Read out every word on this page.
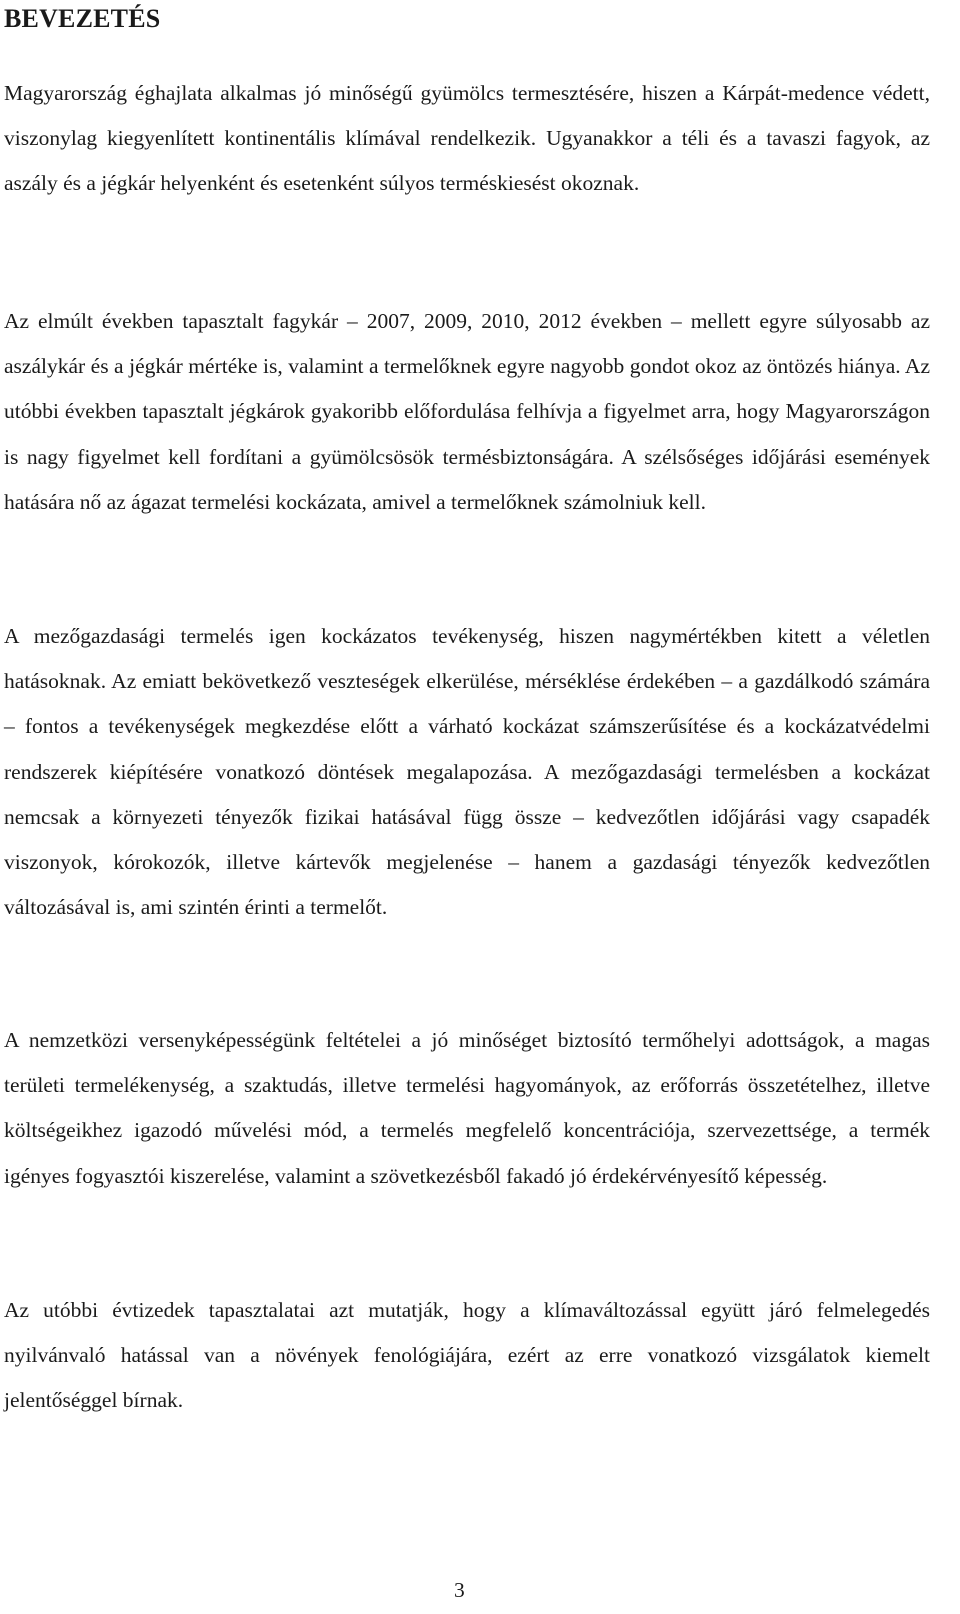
BEVEZETÉS

Magyarország éghajlata alkalmas jó minőségű gyümölcs termesztésére, hiszen a Kárpát-medence védett, viszonylag kiegyenlített kontinentális klímával rendelkezik. Ugyanakkor a téli és a tavaszi fagyok, az aszály és a jégkár helyenként és esetenként súlyos terméskiesést okoznak.

Az elmúlt években tapasztalt fagykár – 2007, 2009, 2010, 2012 években – mellett egyre súlyosabb az aszálykár és a jégkár mértéke is, valamint a termelőknek egyre nagyobb gondot okoz az öntözés hiánya. Az utóbbi években tapasztalt jégkárok gyakoribb előfordulása felhívja a figyelmet arra, hogy Magyarországon is nagy figyelmet kell fordítani a gyümölcsösök termésbiztonságára. A szélsőséges időjárási események hatására nő az ágazat termelési kockázata, amivel a termelőknek számolniuk kell.

A mezőgazdasági termelés igen kockázatos tevékenység, hiszen nagymértékben kitett a véletlen hatásoknak. Az emiatt bekövetkező veszteségek elkerülése, mérséklése érdekében – a gazdálkodó számára – fontos a tevékenységek megkezdése előtt a várható kockázat számszerűsítése és a kockázatvédelmi rendszerek kiépítésére vonatkozó döntések megalapozása. A mezőgazdasági termelésben a kockázat nemcsak a környezeti tényezők fizikai hatásával függ össze – kedvezőtlen időjárási vagy csapadék viszonyok, kórokozók, illetve kártevők megjelenése – hanem a gazdasági tényezők kedvezőtlen változásával is, ami szintén érinti a termelőt.

A nemzetközi versenyképességünk feltételei a jó minőséget biztosító termőhelyi adottságok, a magas területi termelékenység, a szaktudás, illetve termelési hagyományok, az erőforrás összetételhez, illetve költségeikhez igazodó művelési mód, a termelés megfelelő koncentrációja, szervezettsége, a termék igényes fogyasztói kiszerelése, valamint a szövetkezésből fakadó jó érdekérvényesítő képesség.

Az utóbbi évtizedek tapasztalatai azt mutatják, hogy a klímaváltozással együtt járó felmelegedés nyilvánvaló hatással van a növények fenológiájára, ezért az erre vonatkozó vizsgálatok kiemelt jelentőséggel bírnak.

3
